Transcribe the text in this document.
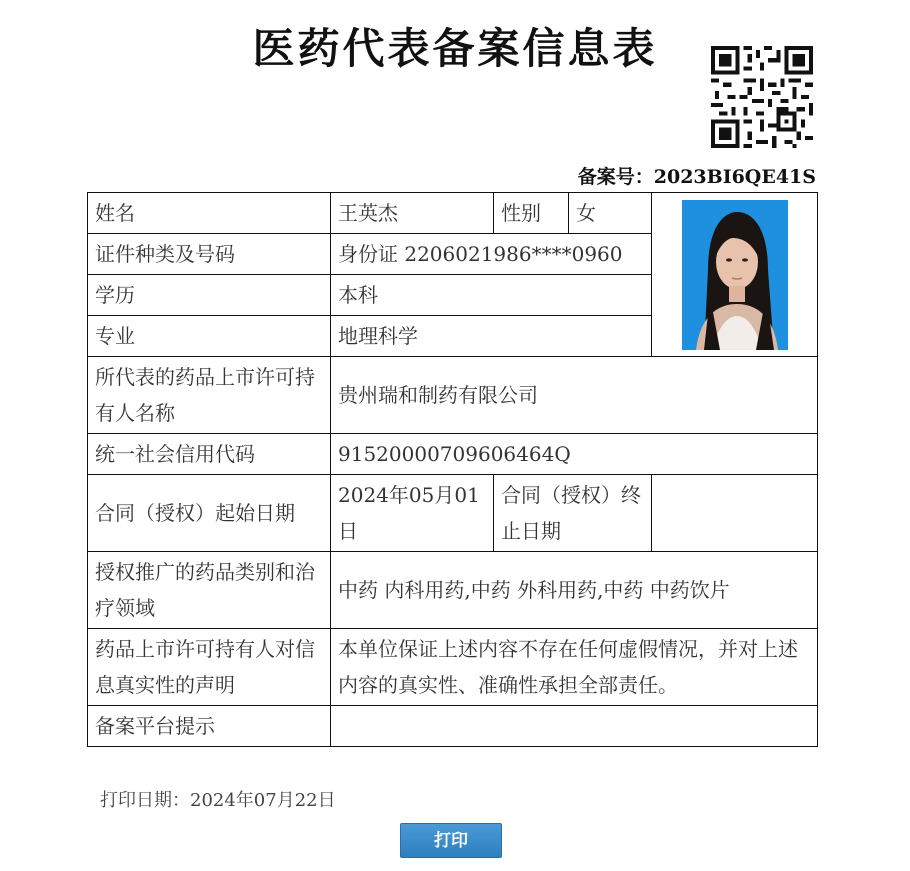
医药代表备案信息表
备案号：2023BI6QE41S
姓名	王英杰	性别	女	

证件种类及号码	身份证 2206021986****0960			
学历	本科			
专业	地理科学			
所代表的药品上市许可持有人名称	贵州瑞和制药有限公司			
统一社会信用代码	91520000709606464Q			
合同（授权）起始日期	2024年05月01日	合同（授权）终止日期		
授权推广的药品类别和治疗领域	中药 内科用药,中药 外科用药,中药 中药饮片			
药品上市许可持有人对信息真实性的声明	本单位保证上述内容不存在任何虚假情况，并对上述内容的真实性、准确性承担全部责任。			
备案平台提示				
打印日期：2024年07月22日
打印
